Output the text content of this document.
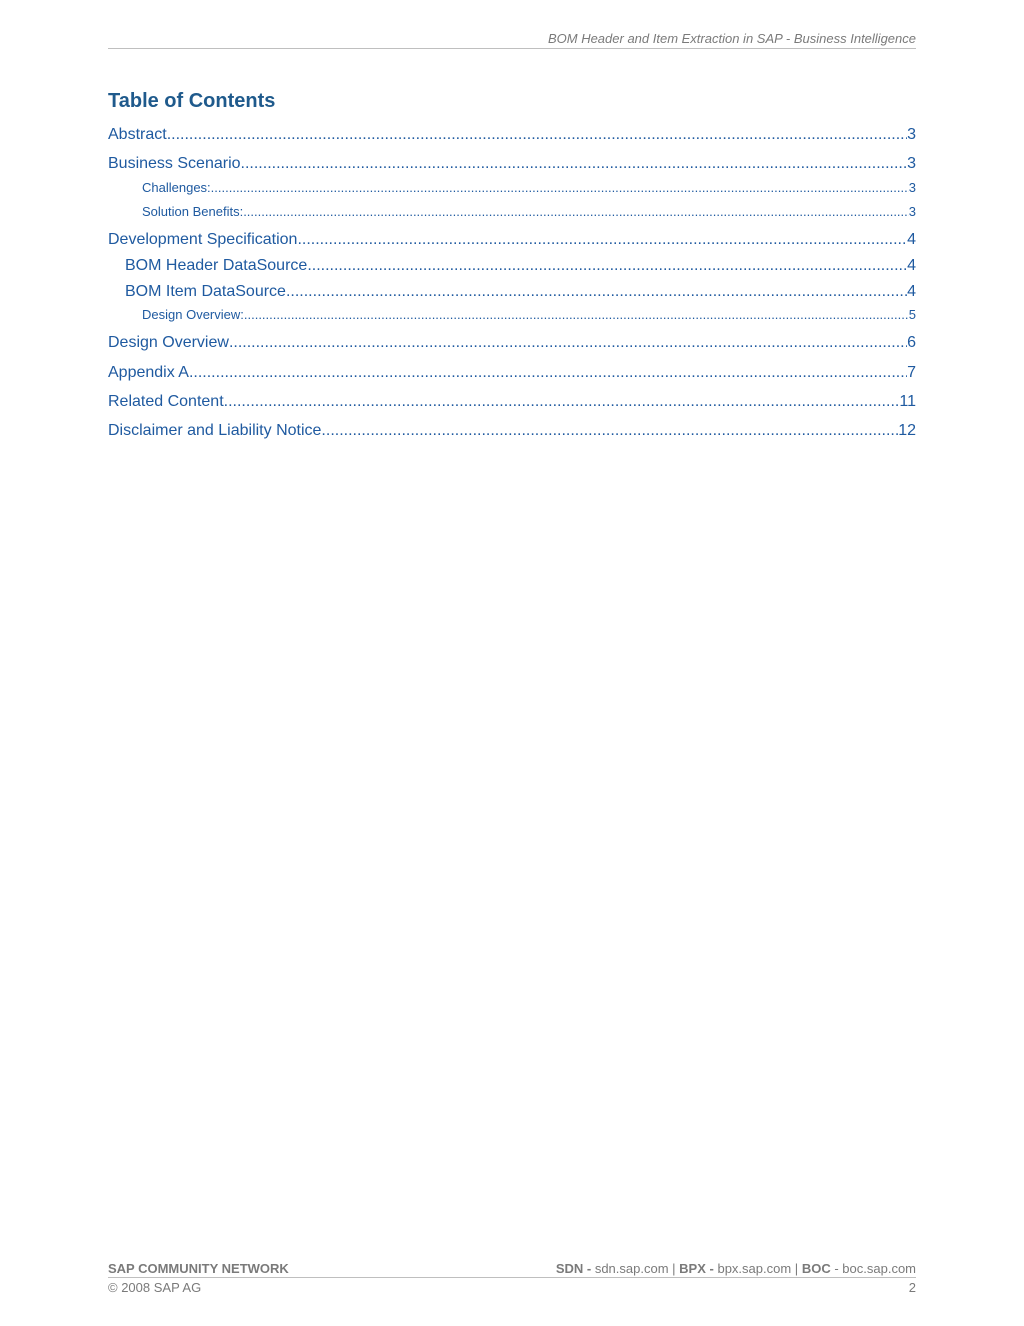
BOM Header and Item Extraction in SAP - Business Intelligence
Table of Contents
Abstract .....	3
Business Scenario .....	3
Challenges: .....	3
Solution Benefits: .....	3
Development Specification .....	4
BOM Header DataSource .....	4
BOM Item DataSource .....	4
Design Overview: .....	5
Design Overview .....	6
Appendix A .....	7
Related Content .....	11
Disclaimer and Liability Notice .....	12
SAP COMMUNITY NETWORK	SDN - sdn.sap.com | BPX - bpx.sap.com | BOC - boc.sap.com
© 2008 SAP AG	2
